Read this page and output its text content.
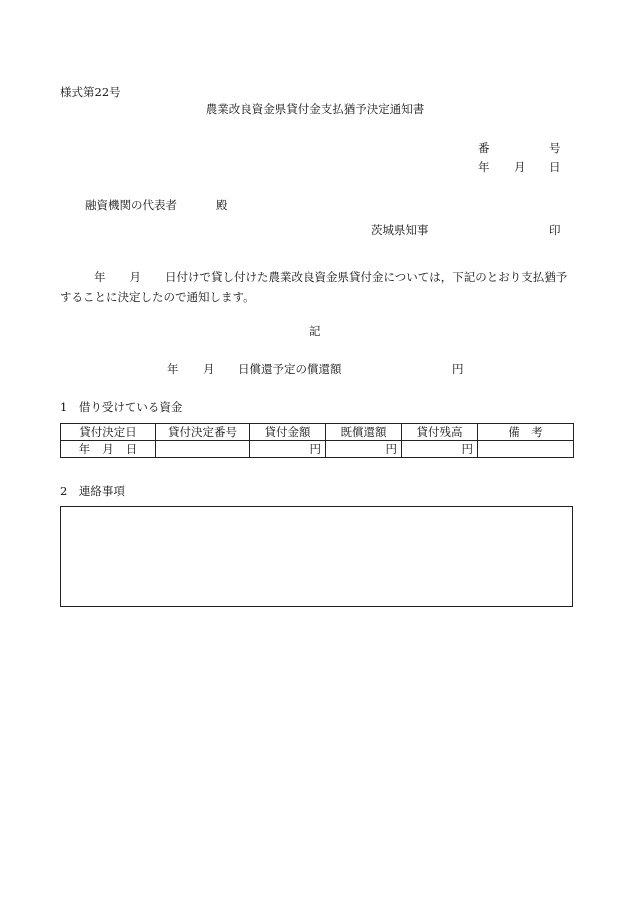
様式第22号
農業改良資金県貸付金支払猶予決定通知書
番	号
年 月 日
融資機関の代表者	殿
茨城県知事	印
年 月 日付けで貸し付けた農業改良資金県貸付金については，下記のとおり支払猶予することに決定したので通知します。
記
年 月 日償還予定の償還額	円
1　借り受けている資金
貸付決定日	貸付決定番号	貸付金額	既償還額	貸付残高	備　考
年 月 日		円	円	円	
2　連絡事項
